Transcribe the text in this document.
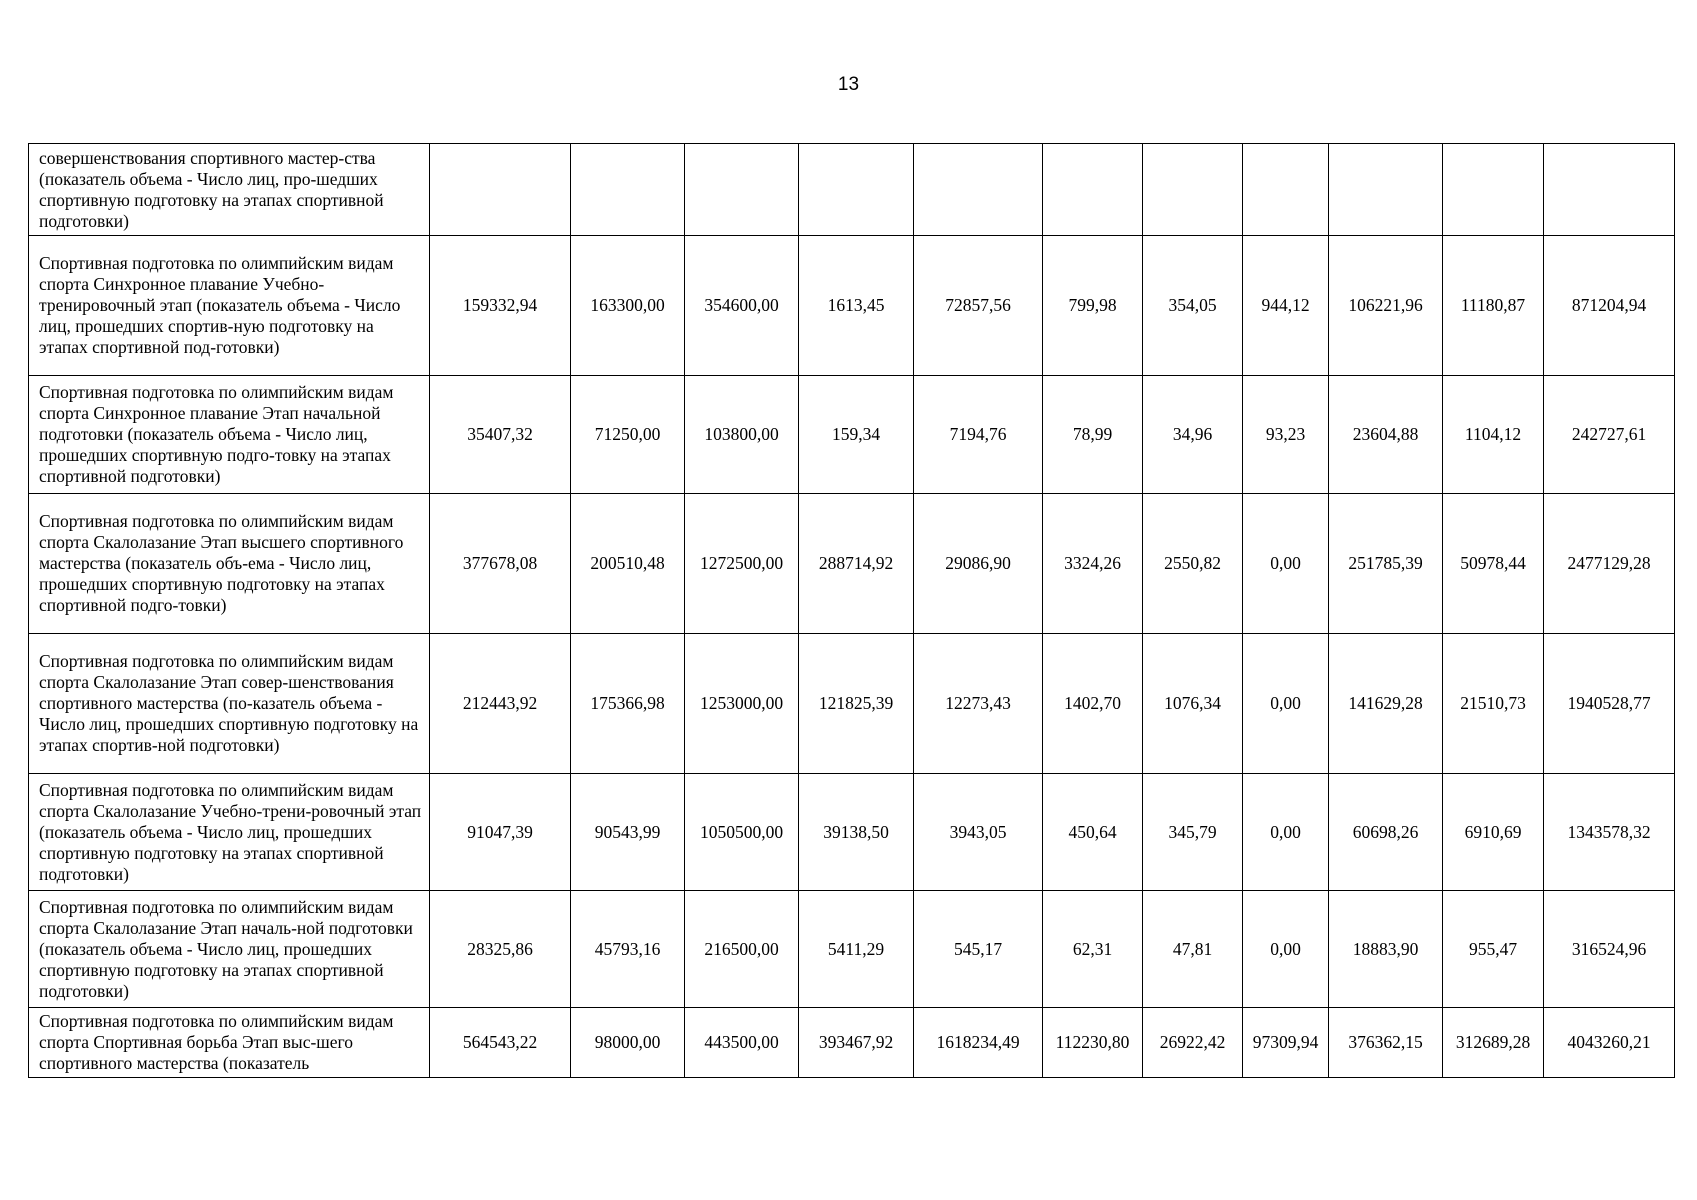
13
совершенствования спортивного мастер-ства (показатель объема - Число лиц, про-шедших спортивную подготовку на этапах спортивной подготовки)											
Спортивная подготовка по олимпийским видам спорта Синхронное плавание Учебно-тренировочный этап (показатель объема - Число лиц, прошедших спортив-ную подготовку на этапах спортивной под-готовки)	159332,94	163300,00	354600,00	1613,45	72857,56	799,98	354,05	944,12	106221,96	11180,87	871204,94
Спортивная подготовка по олимпийским видам спорта Синхронное плавание Этап начальной подготовки (показатель объема - Число лиц, прошедших спортивную подго-товку на этапах спортивной подготовки)	35407,32	71250,00	103800,00	159,34	7194,76	78,99	34,96	93,23	23604,88	1104,12	242727,61
Спортивная подготовка по олимпийским видам спорта Скалолазание Этап высшего спортивного мастерства (показатель объ-ема - Число лиц, прошедших спортивную подготовку на этапах спортивной подго-товки)	377678,08	200510,48	1272500,00	288714,92	29086,90	3324,26	2550,82	0,00	251785,39	50978,44	2477129,28
Спортивная подготовка по олимпийским видам спорта Скалолазание Этап совер-шенствования спортивного мастерства (по-казатель объема - Число лиц, прошедших спортивную подготовку на этапах спортив-ной подготовки)	212443,92	175366,98	1253000,00	121825,39	12273,43	1402,70	1076,34	0,00	141629,28	21510,73	1940528,77
Спортивная подготовка по олимпийским видам спорта Скалолазание Учебно-трени-ровочный этап (показатель объема - Число лиц, прошедших спортивную подготовку на этапах спортивной подготовки)	91047,39	90543,99	1050500,00	39138,50	3943,05	450,64	345,79	0,00	60698,26	6910,69	1343578,32
Спортивная подготовка по олимпийским видам спорта Скалолазание Этап началь-ной подготовки (показатель объема - Число лиц, прошедших спортивную подготовку на этапах спортивной подготовки)	28325,86	45793,16	216500,00	5411,29	545,17	62,31	47,81	0,00	18883,90	955,47	316524,96
Спортивная подготовка по олимпийским видам спорта Спортивная борьба Этап выс-шего спортивного мастерства (показатель	564543,22	98000,00	443500,00	393467,92	1618234,49	112230,80	26922,42	97309,94	376362,15	312689,28	4043260,21
